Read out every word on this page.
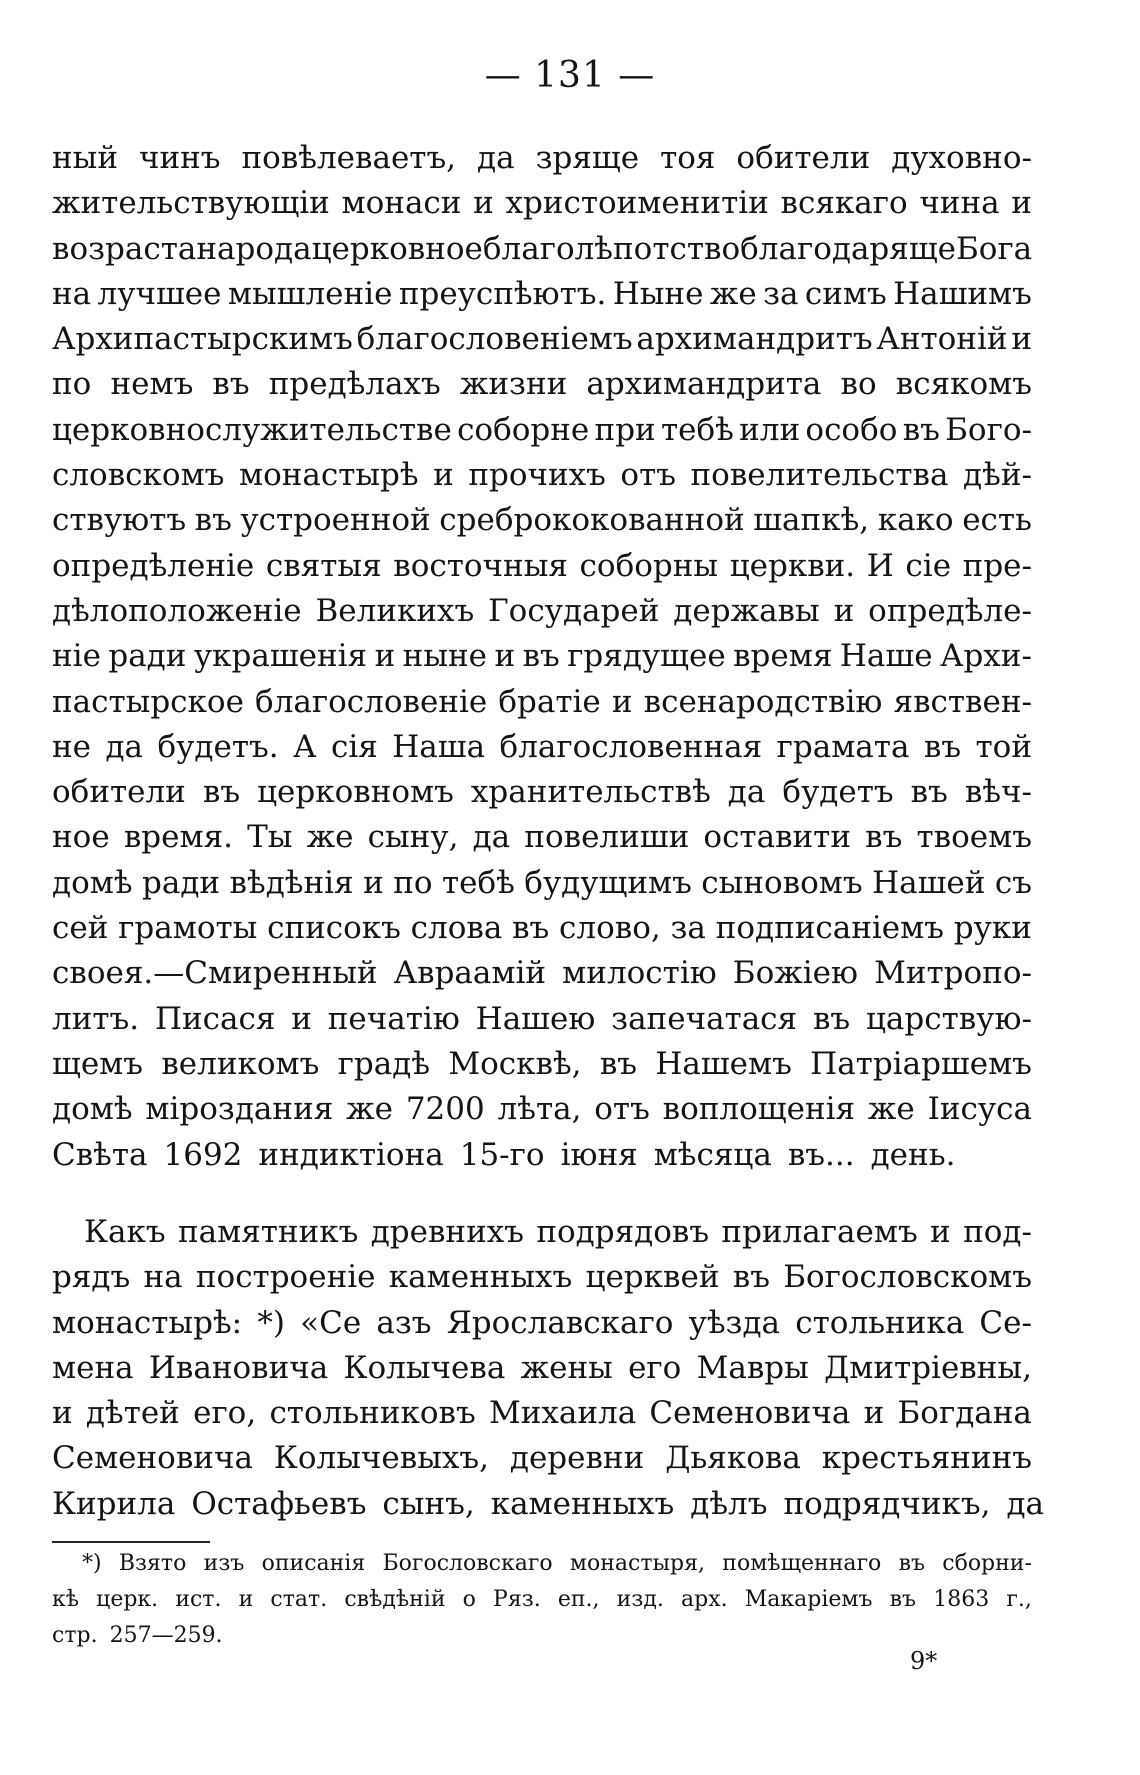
— 131 —
ный чинъ повѣлеваетъ, да зряще тоя обители духовно-
жительствующіи монаси и христоименитіи всякаго чина и
возраста народа церковное благолѣпотство благодаряще Бога
на лучшее мышленіе преуспѣютъ. Ныне же за симъ Нашимъ
Архипастырскимъ благословеніемъ архимандритъ Антоній и
по немъ въ предѣлахъ жизни архимандрита во всякомъ
церковнослужительстве соборне при тебѣ или особо въ Бого-
словскомъ монастырѣ и прочихъ отъ повелительства дѣй-
ствуютъ въ устроенной сребрококованной шапкѣ, како есть
опредѣленіе святыя восточныя соборны церкви. И сіе пре-
дѣлоположеніе Великихъ Государей державы и опредѣле-
ніе ради украшенія и ныне и въ грядущее время Наше Архи-
пастырское благословеніе братіе и всенародствію явствен-
не да будетъ. А сія Наша благословенная грамата въ той
обители въ церковномъ хранительствѣ да будетъ въ вѣч-
ное время. Ты же сыну, да повелиши оставити въ твоемъ
домѣ ради вѣдѣнія и по тебѣ будущимъ сыновомъ Нашей съ
сей грамоты списокъ слова въ слово, за подписаніемъ руки
своея.—Смиренный Авраамій милостію Божіею Митропо-
литъ. Писася и печатію Нашею запечатася въ царствую-
щемъ великомъ градѣ Москвѣ, въ Нашемъ Патріаршемъ
домѣ міроздания же 7200 лѣта, отъ воплощенія же Іисуса
Свѣта 1692 индиктіона 15-го іюня мѣсяца въ... день.
Какъ памятникъ древнихъ подрядовъ прилагаемъ и под-
рядъ на построеніе каменныхъ церквей въ Богословскомъ
монастырѣ: *) «Се азъ Ярославскаго уѣзда стольника Се-
мена Ивановича Колычева жены его Мавры Дмитріевны,
и дѣтей его, стольниковъ Михаила Семеновича и Богдана
Семеновича Колычевыхъ, деревни Дьякова крестьянинъ
Кирила Остафьевъ сынъ, каменныхъ дѣлъ подрядчикъ, да
*) Взято изъ описанія Богословскаго монастыря, помѣщеннаго въ сборни-
кѣ церк. ист. и стат. свѣдѣній о Ряз. еп., изд. арх. Макаріемъ въ 1863 г.,
стр. 257—259.
9*
